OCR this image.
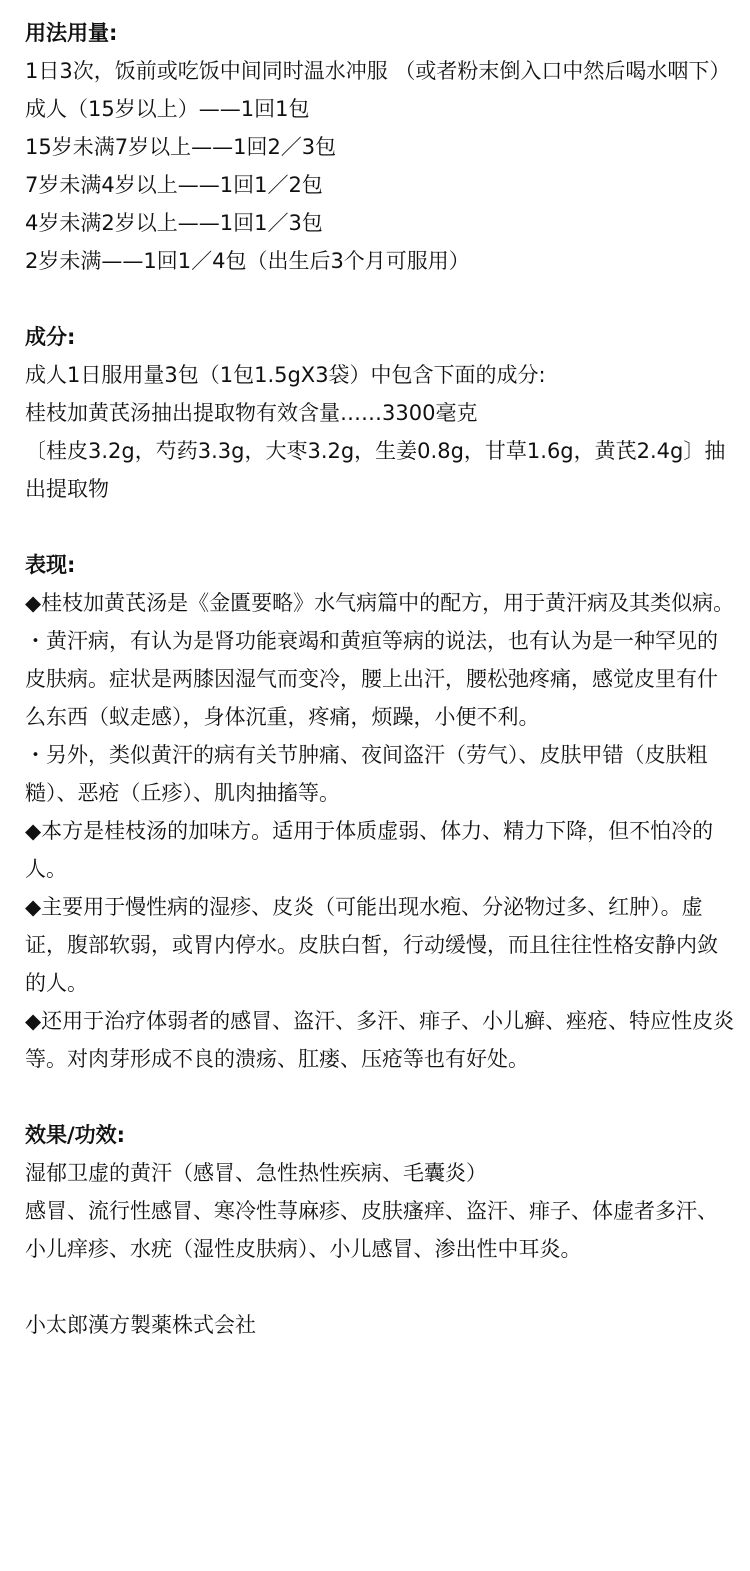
用法用量:
1日3次，饭前或吃饭中间同时温水冲服 （或者粉末倒入口中然后喝水咽下）
成人（15岁以上）——1回1包
15岁未满7岁以上——1回2／3包
7岁未满4岁以上——1回1／2包
4岁未满2岁以上——1回1／3包
2岁未满——1回1／4包（出生后3个月可服用）
成分:
成人1日服用量3包（1包1.5gX3袋）中包含下面的成分:
桂枝加黄芪汤抽出提取物有效含量……3300毫克
〔桂皮3.2g，芍药3.3g，大枣3.2g，生姜0.8g，甘草1.6g，黄芪2.4g〕抽出提取物
表现:
◆桂枝加黄芪汤是《金匱要略》水气病篇中的配方，用于黄汗病及其类似病。
・黄汗病，有认为是肾功能衰竭和黄疸等病的说法，也有认为是一种罕见的皮肤病。症状是两膝因湿气而变冷，腰上出汗，腰松弛疼痛，感觉皮里有什么东西（蚁走感），身体沉重，疼痛，烦躁，小便不利。
・另外，类似黄汗的病有关节肿痛、夜间盗汗（劳气）、皮肤甲错（皮肤粗糙）、恶疮（丘疹）、肌肉抽搐等。
◆本方是桂枝汤的加味方。适用于体质虚弱、体力、精力下降，但不怕冷的人。
◆主要用于慢性病的湿疹、皮炎（可能出现水疱、分泌物过多、红肿）。虚证，腹部软弱，或胃内停水。皮肤白皙，行动缓慢，而且往往性格安静内敛的人。
◆还用于治疗体弱者的感冒、盗汗、多汗、痱子、小儿癣、痤疮、特应性皮炎等。对肉芽形成不良的溃疡、肛瘘、压疮等也有好处。
效果/功效:
湿郁卫虚的黄汗（感冒、急性热性疾病、毛囊炎）
感冒、流行性感冒、寒冷性荨麻疹、皮肤瘙痒、盗汗、痱子、体虚者多汗、小儿痒疹、水疣（湿性皮肤病）、小儿感冒、渗出性中耳炎。
小太郎漢方製薬株式会社
